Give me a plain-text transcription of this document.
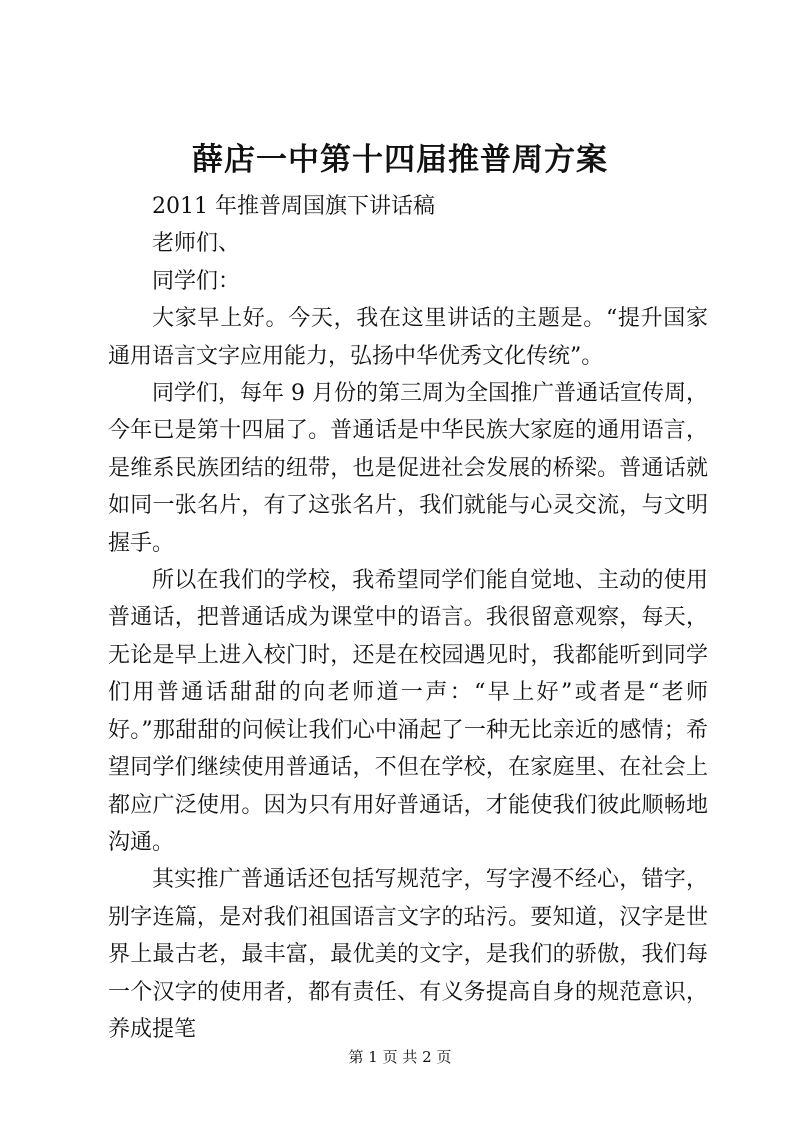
薛店一中第十四届推普周方案

2011 年推普周国旗下讲话稿

老师们、

同学们：

大家早上好。今天，我在这里讲话的主题是。“提升国家通用语言文字应用能力，弘扬中华优秀文化传统”。

同学们，每年 9 月份的第三周为全国推广普通话宣传周，今年已是第十四届了。普通话是中华民族大家庭的通用语言，是维系民族团结的纽带，也是促进社会发展的桥梁。普通话就如同一张名片，有了这张名片，我们就能与心灵交流，与文明握手。

所以在我们的学校，我希望同学们能自觉地、主动的使用普通话，把普通话成为课堂中的语言。我很留意观察，每天，无论是早上进入校门时，还是在校园遇见时，我都能听到同学们用普通话甜甜的向老师道一声：“早上好”或者是“老师好。”那甜甜的问候让我们心中涌起了一种无比亲近的感情；希望同学们继续使用普通话，不但在学校，在家庭里、在社会上都应广泛使用。因为只有用好普通话，才能使我们彼此顺畅地沟通。

其实推广普通话还包括写规范字，写字漫不经心，错字，别字连篇，是对我们祖国语言文字的玷污。要知道，汉字是世界上最古老，最丰富，最优美的文字，是我们的骄傲，我们每一个汉字的使用者，都有责任、有义务提高自身的规范意识，养成提笔

第 1 页 共 2 页
